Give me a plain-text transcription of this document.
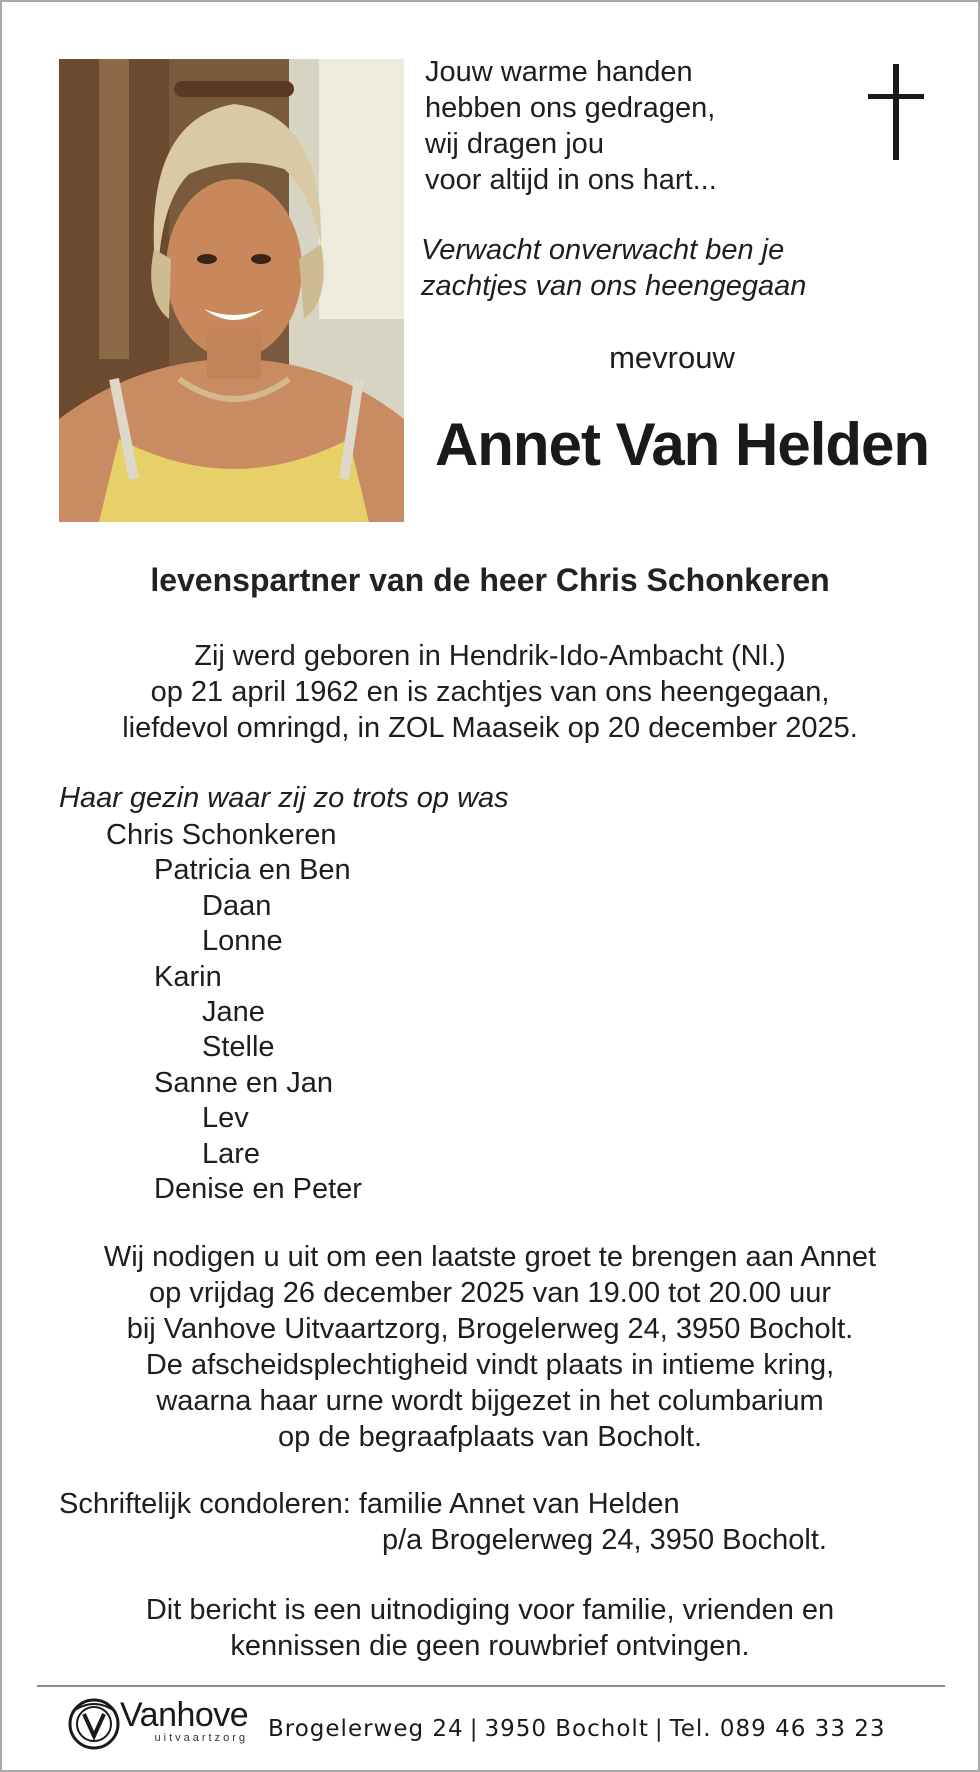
Jouw warme handen
hebben ons gedragen,
wij dragen jou
voor altijd in ons hart...
Verwacht onverwacht ben je
zachtjes van ons heengegaan
mevrouw
Annet Van Helden
levenspartner van de heer Chris Schonkeren
Zij werd geboren in Hendrik-Ido-Ambacht (Nl.)
op 21 april 1962 en is zachtjes van ons heengegaan,
liefdevol omringd, in ZOL Maaseik op 20 december 2025.
Haar gezin waar zij zo trots op was
Chris Schonkeren
Patricia en Ben
Daan
Lonne
Karin
Jane
Stelle
Sanne en Jan
Lev
Lare
Denise en Peter
Wij nodigen u uit om een laatste groet te brengen aan Annet
op vrijdag 26 december 2025 van 19.00 tot 20.00 uur
bij Vanhove Uitvaartzorg, Brogelerweg 24, 3950 Bocholt.
De afscheidsplechtigheid vindt plaats in intieme kring,
waarna haar urne wordt bijgezet in het columbarium
op de begraafplaats van Bocholt.
Schriftelijk condoleren: familie Annet van Helden
p/a Brogelerweg 24, 3950 Bocholt.
Dit bericht is een uitnodiging voor familie, vrienden en
kennissen die geen rouwbrief ontvingen.
Vanhove
uitvaartzorg Brogelerweg 24 | 3950 Bocholt | Tel. 089 46 33 23
